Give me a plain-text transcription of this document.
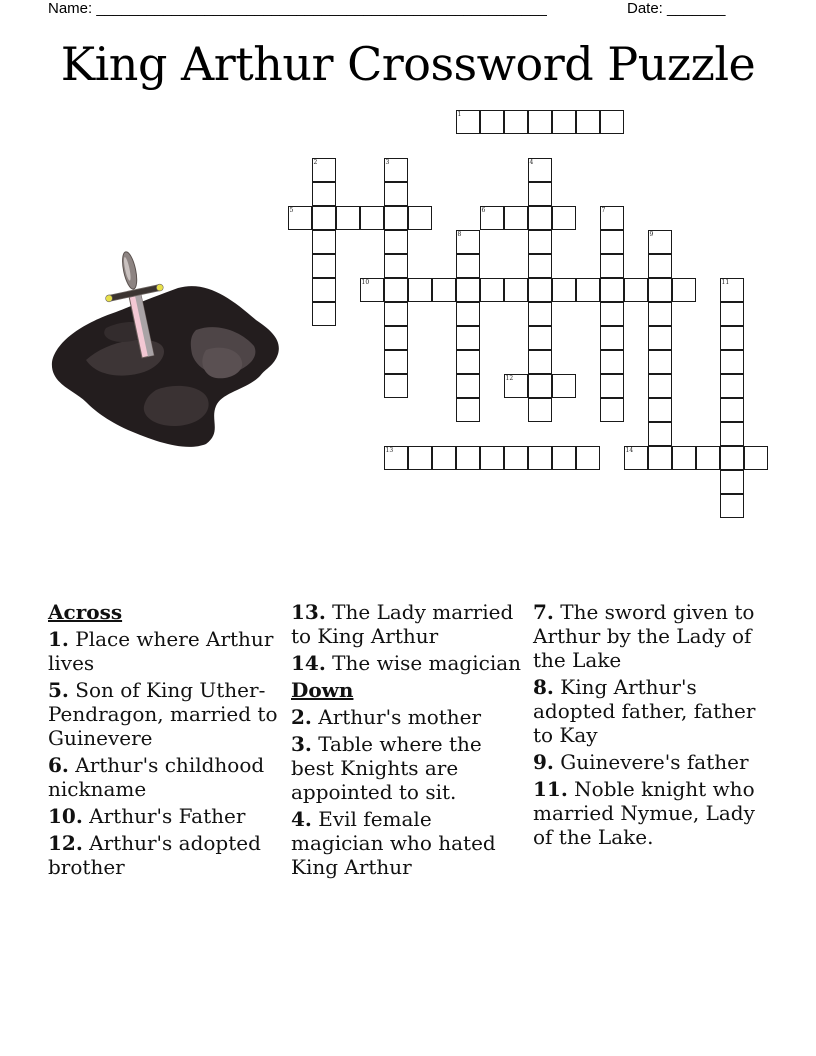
Name: ______________________________________________________	Date: _______
King Arthur Crossword Puzzle
1
2	3	4
5	6	7
8	9
10	11
12
13	14
Across
1. Place where Arthur lives
5. Son of King Uther-Pendragon, married to Guinevere
6. Arthur's childhood nickname
10. Arthur's Father
12. Arthur's adopted brother
13. The Lady married to King Arthur
14. The wise magician
Down
2. Arthur's mother
3. Table where the best Knights are appointed to sit.
4. Evil female magician who hated King Arthur
7. The sword given to Arthur by the Lady of the Lake
8. King Arthur's adopted father, father to Kay
9. Guinevere's father
11. Noble knight who married Nymue, Lady of the Lake.
